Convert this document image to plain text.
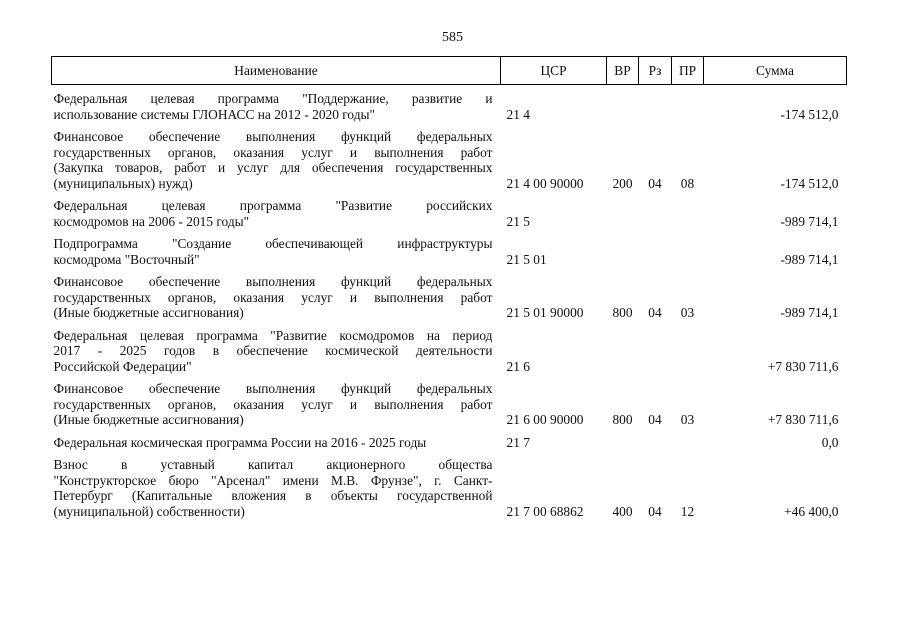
585
Наименование	ЦСР	ВР	Рз	ПР	Сумма

Федеральная целевая программа "Поддержание, развитие и
использование системы ГЛОНАСС на 2012 - 2020 годы"	21 4				-174 512,0

Финансовое обеспечение выполнения функций федеральных
государственных органов, оказания услуг и выполнения работ
(Закупка товаров, работ и услуг для обеспечения государственных
(муниципальных) нужд)	21 4 00 90000	200	04	08	-174 512,0

Федеральная целевая программа "Развитие российских
космодромов на 2006 - 2015 годы"	21 5				-989 714,1

Подпрограмма "Создание обеспечивающей инфраструктуры
космодрома "Восточный"	21 5 01				-989 714,1

Финансовое обеспечение выполнения функций федеральных
государственных органов, оказания услуг и выполнения работ
(Иные бюджетные ассигнования)	21 5 01 90000	800	04	03	-989 714,1

Федеральная целевая программа "Развитие космодромов на период
2017 - 2025 годов в обеспечение космической деятельности
Российской Федерации"	21 6				+7 830 711,6

Финансовое обеспечение выполнения функций федеральных
государственных органов, оказания услуг и выполнения работ
(Иные бюджетные ассигнования)	21 6 00 90000	800	04	03	+7 830 711,6

Федеральная космическая программа России на 2016 - 2025 годы	21 7				0,0

Взнос в уставный капитал акционерного общества
"Конструкторское бюро "Арсенал" имени М.В. Фрунзе", г. Санкт-
Петербург (Капитальные вложения в объекты государственной
(муниципальной) собственности)	21 7 00 68862	400	04	12	+46 400,0
